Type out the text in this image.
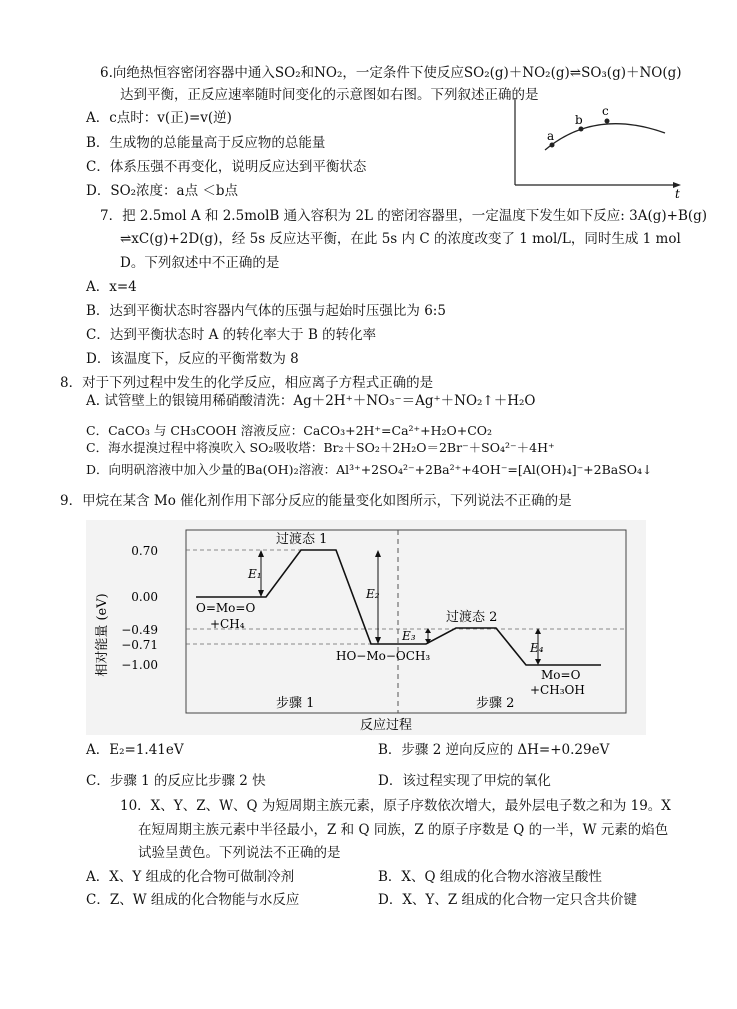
6.向绝热恒容密闭容器中通入SO₂和NO₂，一定条件下使反应SO₂(g)＋NO₂(g)⇌SO₃(g)＋NO(g)
达到平衡，正反应速率随时间变化的示意图如右图。下列叙述正确的是
A．c点时：v(正)=v(逆)
B．生成物的总能量高于反应物的总能量
C．体系压强不再变化，说明反应达到平衡状态
D．SO₂浓度：a点 ＜b点
a
b
c
t
7．把 2.5mol A 和 2.5molB 通入容积为 2L 的密闭容器里，一定温度下发生如下反应: 3A(g)+B(g)
⇌xC(g)+2D(g)，经 5s 反应达平衡，在此 5s 内 C 的浓度改变了 1 mol/L，同时生成 1 mol
D。下列叙述中不正确的是
A．x=4
B．达到平衡状态时容器内气体的压强与起始时压强比为 6:5
C．达到平衡状态时 A 的转化率大于 B 的转化率
D．该温度下，反应的平衡常数为 8
8．对于下列过程中发生的化学反应，相应离子方程式正确的是
A. 试管壁上的银镜用稀硝酸清洗：Ag＋2H⁺＋NO₃⁻＝Ag⁺＋NO₂↑＋H₂O
C．CaCO₃ 与 CH₃COOH 溶液反应：CaCO₃+2H⁺=Ca²⁺+H₂O+CO₂
C．海水提溴过程中将溴吹入 SO₂吸收塔：Br₂＋SO₂＋2H₂O＝2Br⁻＋SO₄²⁻＋4H⁺
D．向明矾溶液中加入少量的Ba(OH)₂溶液：Al³⁺+2SO₄²⁻+2Ba²⁺+4OH⁻=[Al(OH)₄]⁻+2BaSO₄↓
9．甲烷在某含 Mo 催化剂作用下部分反应的能量变化如图所示，下列说法不正确的是
相对能量 (eV)
0.70
0.00
−0.49
−0.71
−1.00
E₁
E₂
E₃
E₄
过渡态 1
过渡态 2
O=Mo=O
+CH₄
HO−Mo−OCH₃
Mo=O
+CH₃OH
步骤 1	步骤 2
反应过程
A．E₂=1.41eV	B．步骤 2 逆向反应的 ΔH=+0.29eV
C．步骤 1 的反应比步骤 2 快	D．该过程实现了甲烷的氧化
10．X、Y、Z、W、Q 为短周期主族元素，原子序数依次增大，最外层电子数之和为 19。X
在短周期主族元素中半径最小，Z 和 Q 同族，Z 的原子序数是 Q 的一半，W 元素的焰色
试验呈黄色。下列说法不正确的是
A．X、Y 组成的化合物可做制冷剂	B．X、Q 组成的化合物水溶液呈酸性
C．Z、W 组成的化合物能与水反应	D．X、Y、Z 组成的化合物一定只含共价键
